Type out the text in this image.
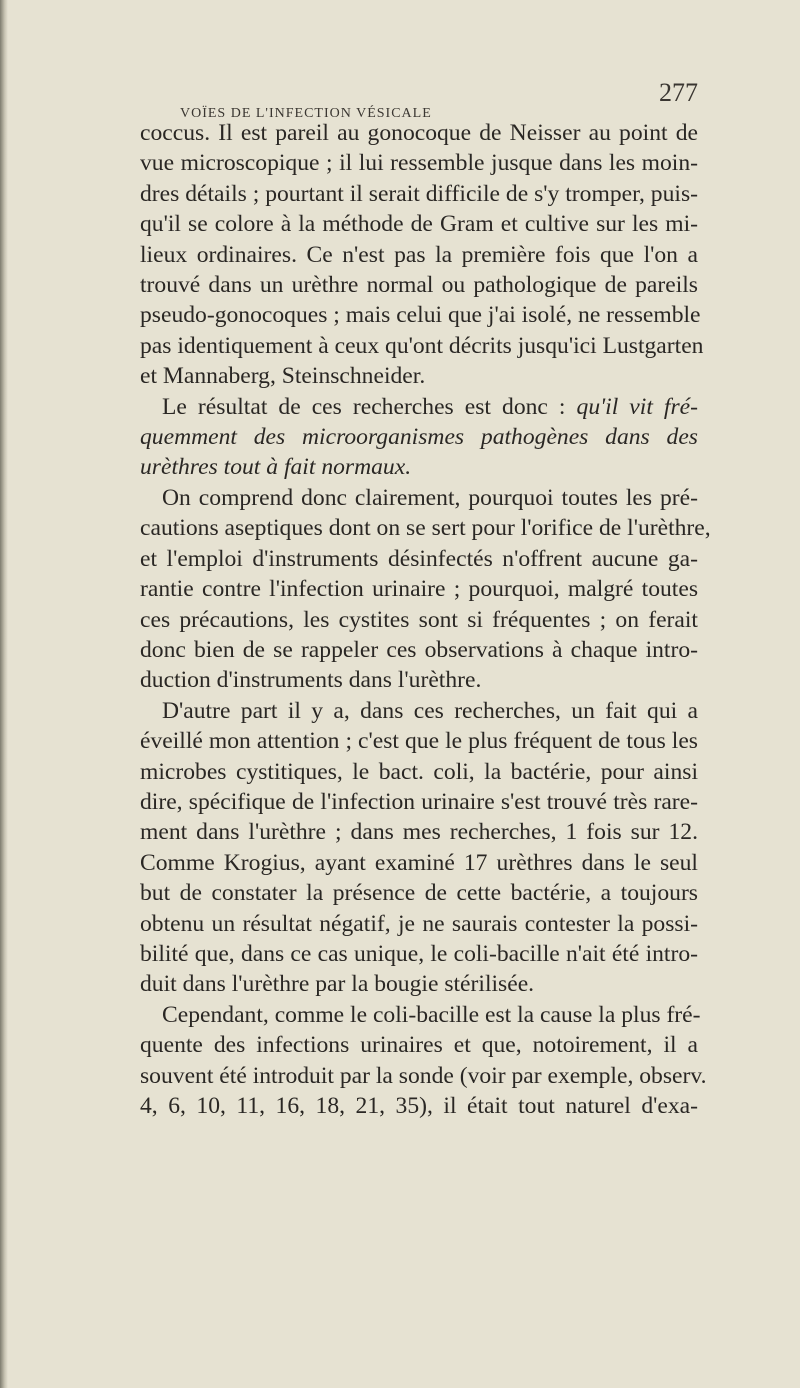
VOÏES DE L'INFECTION VÉSICALE
277
coccus. Il est pareil au gonocoque de Neisser au point de
vue microscopique ; il lui ressemble jusque dans les moin-
dres détails ; pourtant il serait difficile de s'y tromper, puis-
qu'il se colore à la méthode de Gram et cultive sur les mi-
lieux ordinaires. Ce n'est pas la première fois que l'on a
trouvé dans un urèthre normal ou pathologique de pareils
pseudo-gonocoques ; mais celui que j'ai isolé, ne ressemble
pas identiquement à ceux qu'ont décrits jusqu'ici Lustgarten
et Mannaberg, Steinschneider.
Le résultat de ces recherches est donc : qu'il vit fré-
quemment des microorganismes pathogènes dans des
urèthres tout à fait normaux.
On comprend donc clairement, pourquoi toutes les pré-
cautions aseptiques dont on se sert pour l'orifice de l'urèthre,
et l'emploi d'instruments désinfectés n'offrent aucune ga-
rantie contre l'infection urinaire ; pourquoi, malgré toutes
ces précautions, les cystites sont si fréquentes ; on ferait
donc bien de se rappeler ces observations à chaque intro-
duction d'instruments dans l'urèthre.
D'autre part il y a, dans ces recherches, un fait qui a
éveillé mon attention ; c'est que le plus fréquent de tous les
microbes cystitiques, le bact. coli, la bactérie, pour ainsi
dire, spécifique de l'infection urinaire s'est trouvé très rare-
ment dans l'urèthre ; dans mes recherches, 1 fois sur 12.
Comme Krogius, ayant examiné 17 urèthres dans le seul
but de constater la présence de cette bactérie, a toujours
obtenu un résultat négatif, je ne saurais contester la possi-
bilité que, dans ce cas unique, le coli-bacille n'ait été intro-
duit dans l'urèthre par la bougie stérilisée.
Cependant, comme le coli-bacille est la cause la plus fré-
quente des infections urinaires et que, notoirement, il a
souvent été introduit par la sonde (voir par exemple, observ.
4, 6, 10, 11, 16, 18, 21, 35), il était tout naturel d'exa-
